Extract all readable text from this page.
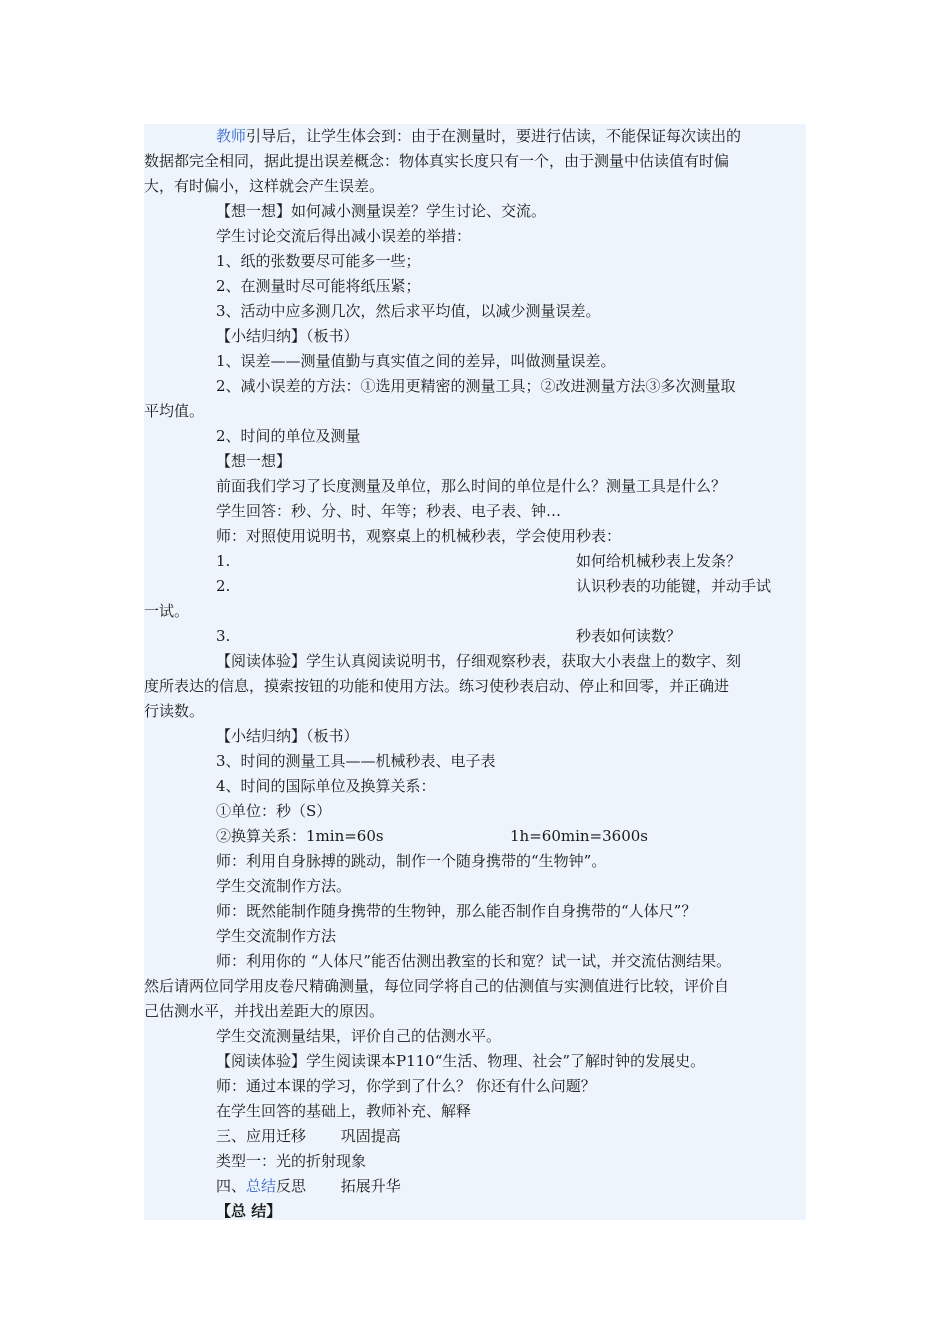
教师引导后，让学生体会到：由于在测量时，要进行估读，不能保证每次读出的

数据都完全相同，据此提出误差概念：物体真实长度只有一个，由于测量中估读值有时偏

大，有时偏小，这样就会产生误差。

【想一想】如何减小测量误差？学生讨论、交流。

学生讨论交流后得出减小误差的举措：

1、纸的张数要尽可能多一些；

2、在测量时尽可能将纸压紧；

3、活动中应多测几次，然后求平均值，以减少测量误差。

【小结归纳】（板书）

1、误差——测量值勤与真实值之间的差异，叫做测量误差。

2、减小误差的方法：①选用更精密的测量工具；②改进测量方法③多次测量取

平均值。

2、时间的单位及测量

【想一想】

前面我们学习了长度测量及单位，那么时间的单位是什么？测量工具是什么？

学生回答：秒、分、时、年等；秒表、电子表、钟…

师：对照使用说明书，观察桌上的机械秒表，学会使用秒表：

1.	如何给机械秒表上发条？
2.	认识秒表的功能键，并动手试

一试。

3.	秒表如何读数？

【阅读体验】学生认真阅读说明书，仔细观察秒表，获取大小表盘上的数字、刻

度所表达的信息，摸索按钮的功能和使用方法。练习使秒表启动、停止和回零，并正确进

行读数。

【小结归纳】（板书）

3、时间的测量工具——机械秒表、电子表

4、时间的国际单位及换算关系：

①单位：秒（S）

②换算关系：1min=60s	1h=60min=3600s

师：利用自身脉搏的跳动，制作一个随身携带的“生物钟”。

学生交流制作方法。

师：既然能制作随身携带的生物钟，那么能否制作自身携带的“人体尺”？

学生交流制作方法

师：利用你的 “人体尺”能否估测出教室的长和宽？试一试，并交流估测结果。

然后请两位同学用皮卷尺精确测量，每位同学将自己的估测值与实测值进行比较，评价自

己估测水平，并找出差距大的原因。

学生交流测量结果，评价自己的估测水平。

【阅读体验】学生阅读课本P110“生活、物理、社会”了解时钟的发展史。

师：通过本课的学习，你学到了什么？ 你还有什么问题？

在学生回答的基础上，教师补充、解释

三、应用迁移　　 巩固提高

类型一：光的折射现象

四、总结反思　　 拓展升华

【总 结】
